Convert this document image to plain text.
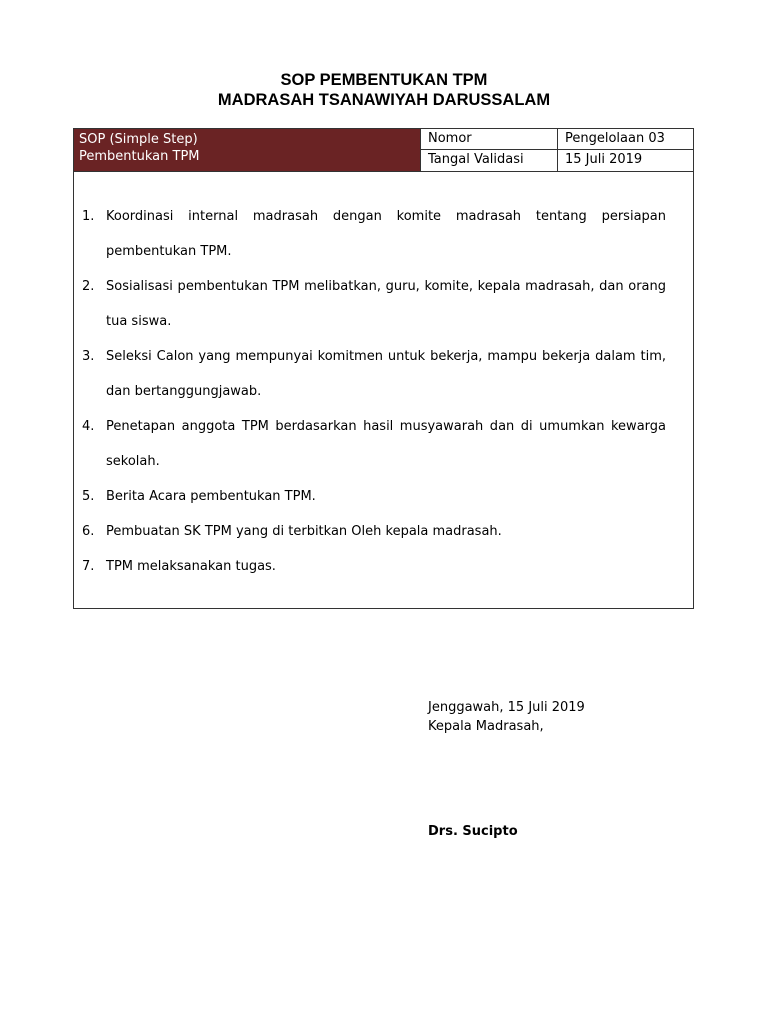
SOP PEMBENTUKAN TPM
MADRASAH TSANAWIYAH DARUSSALAM
SOP (Simple Step)
Pembentukan TPM
Nomor	Pengelolaan 03
Tangal Validasi	15 Juli 2019
1. Koordinasi internal madrasah dengan komite madrasah tentang persiapan pembentukan TPM.
2. Sosialisasi pembentukan TPM melibatkan, guru, komite, kepala madrasah, dan orang tua siswa.
3. Seleksi Calon yang mempunyai komitmen untuk bekerja, mampu bekerja dalam tim, dan bertanggungjawab.
4. Penetapan anggota TPM berdasarkan hasil musyawarah dan di umumkan kewarga sekolah.
5. Berita Acara pembentukan TPM.
6. Pembuatan SK TPM yang di terbitkan Oleh kepala madrasah.
7. TPM melaksanakan tugas.
Jenggawah, 15 Juli 2019
Kepala Madrasah,
Drs. Sucipto
